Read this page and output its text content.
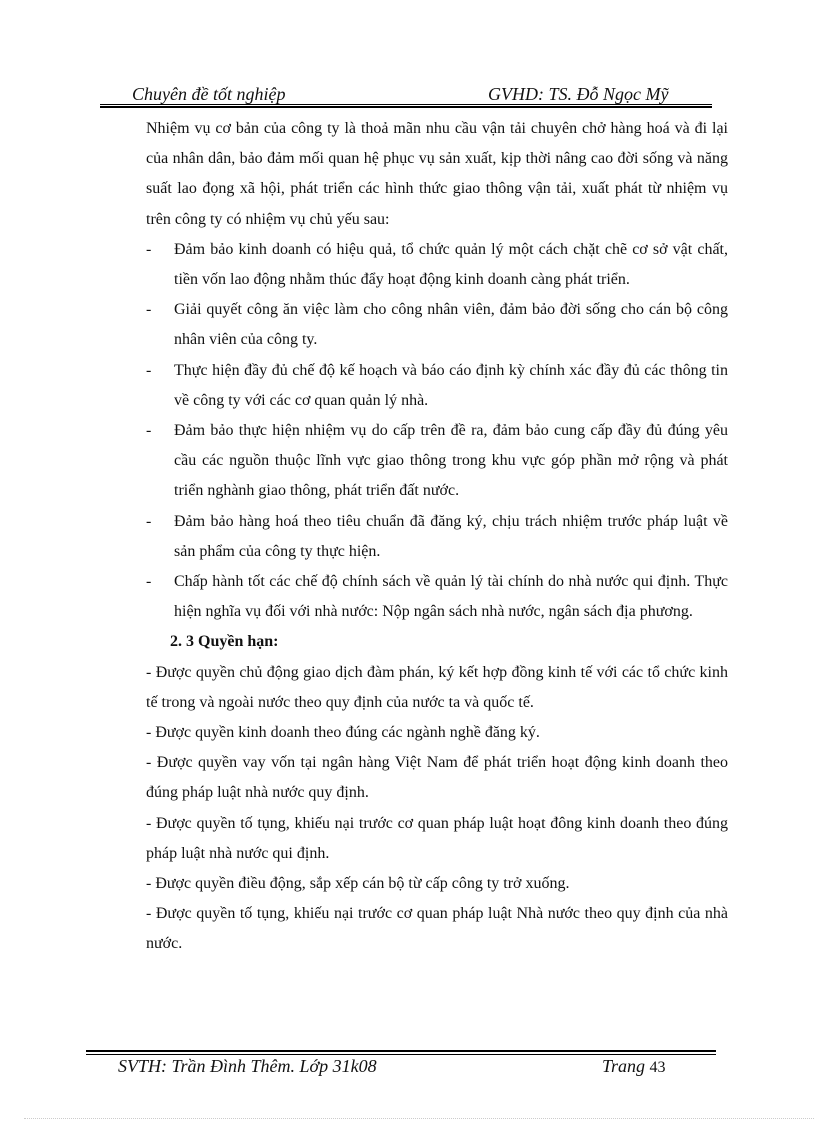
Chuyên đề tốt nghiệp	GVHD: TS. Đỗ Ngọc Mỹ

Nhiệm vụ cơ bản của công ty là thoả mãn nhu cầu vận tải chuyên chở hàng hoá và đi lại của nhân dân, bảo đảm mối quan hệ phục vụ sản xuất, kịp thời nâng cao đời sống và năng suất lao đọng xã hội, phát triển các hình thức giao thông vận tải, xuất phát từ nhiệm vụ trên công ty có nhiệm vụ chủ yếu sau:

- Đảm bảo kinh doanh có hiệu quả, tổ chức quản lý một cách chặt chẽ cơ sở vật chất, tiền vốn lao động nhằm thúc đẩy hoạt động kinh doanh càng phát triển.
- Giải quyết công ăn việc làm cho công nhân viên, đảm bảo đời sống cho cán bộ công nhân viên của công ty.
- Thực hiện đầy đủ chế độ kế hoạch và báo cáo định kỳ chính xác đầy đủ các thông tin về công ty với các cơ quan quản lý nhà.
- Đảm bảo thực hiện nhiệm vụ do cấp trên đề ra, đảm bảo cung cấp đầy đủ đúng yêu cầu các nguồn thuộc lĩnh vực giao thông trong khu vực góp phần mở rộng và phát triển nghành giao thông, phát triển đất nước.
- Đảm bảo hàng hoá theo tiêu chuẩn đã đăng ký, chịu trách nhiệm trước pháp luật về sản phẩm của công ty thực hiện.
- Chấp hành tốt các chế độ chính sách về quản lý tài chính do nhà nước qui định. Thực hiện nghĩa vụ đối với nhà nước: Nộp ngân sách nhà nước, ngân sách địa phương.

2. 3 Quyền hạn:

- Được quyền chủ động giao dịch đàm phán, ký kết hợp đồng kinh tế với các tổ chức kinh tế trong và ngoài nước theo quy định của nước ta và quốc tế.

- Được quyền kinh doanh theo đúng các ngành nghề đăng ký.

- Được quyền vay vốn tại ngân hàng Việt Nam để phát triển hoạt động kinh doanh theo đúng pháp luật nhà nước quy định.

- Được quyền tố tụng, khiếu nại trước cơ quan pháp luật hoạt đông kinh doanh theo đúng pháp luật nhà nước qui định.

- Được quyền điều động, sắp xếp cán bộ từ cấp công ty trở xuống.

- Được quyền tố tụng, khiếu nại trước cơ quan pháp luật Nhà nước theo quy định của nhà nước.

SVTH: Trần Đình Thêm. Lớp 31k08	Trang 43
